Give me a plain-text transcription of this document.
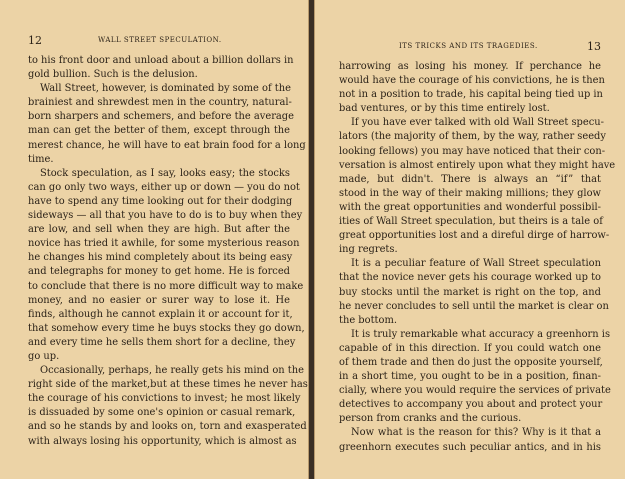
12	WALL STREET SPECULATION.
to his front door and unload about a billion dollars in
gold bullion. Such is the delusion.
Wall Street, however, is dominated by some of the
brainiest and shrewdest men in the country, natural-
born sharpers and schemers, and before the average
man can get the better of them, except through the
merest chance, he will have to eat brain food for a long
time.
Stock speculation, as I say, looks easy; the stocks
can go only two ways, either up or down — you do not
have to spend any time looking out for their dodging
sideways — all that you have to do is to buy when they
are low, and sell when they are high. But after the
novice has tried it awhile, for some mysterious reason
he changes his mind completely about its being easy
and telegraphs for money to get home. He is forced
to conclude that there is no more difficult way to make
money, and no easier or surer way to lose it. He
finds, although he cannot explain it or account for it,
that somehow every time he buys stocks they go down,
and every time he sells them short for a decline, they
go up.
Occasionally, perhaps, he really gets his mind on the
right side of the market,but at these times he never has
the courage of his convictions to invest; he most likely
is dissuaded by some one's opinion or casual remark,
and so he stands by and looks on, torn and exasperated
with always losing his opportunity, which is almost as
ITS TRICKS AND ITS TRAGEDIES.	13
harrowing as losing his money. If perchance he
would have the courage of his convictions, he is then
not in a position to trade, his capital being tied up in
bad ventures, or by this time entirely lost.
If you have ever talked with old Wall Street specu-
lators (the majority of them, by the way, rather seedy
looking fellows) you may have noticed that their con-
versation is almost entirely upon what they might have
made, but didn't. There is always an “if” that
stood in the way of their making millions; they glow
with the great opportunities and wonderful possibil-
ities of Wall Street speculation, but theirs is a tale of
great opportunities lost and a direful dirge of harrow-
ing regrets.
It is a peculiar feature of Wall Street speculation
that the novice never gets his courage worked up to
buy stocks until the market is right on the top, and
he never concludes to sell until the market is clear on
the bottom.
It is truly remarkable what accuracy a greenhorn is
capable of in this direction. If you could watch one
of them trade and then do just the opposite yourself,
in a short time, you ought to be in a position, finan-
cially, where you would require the services of private
detectives to accompany you about and protect your
person from cranks and the curious.
Now what is the reason for this? Why is it that a
greenhorn executes such peculiar antics, and in his
